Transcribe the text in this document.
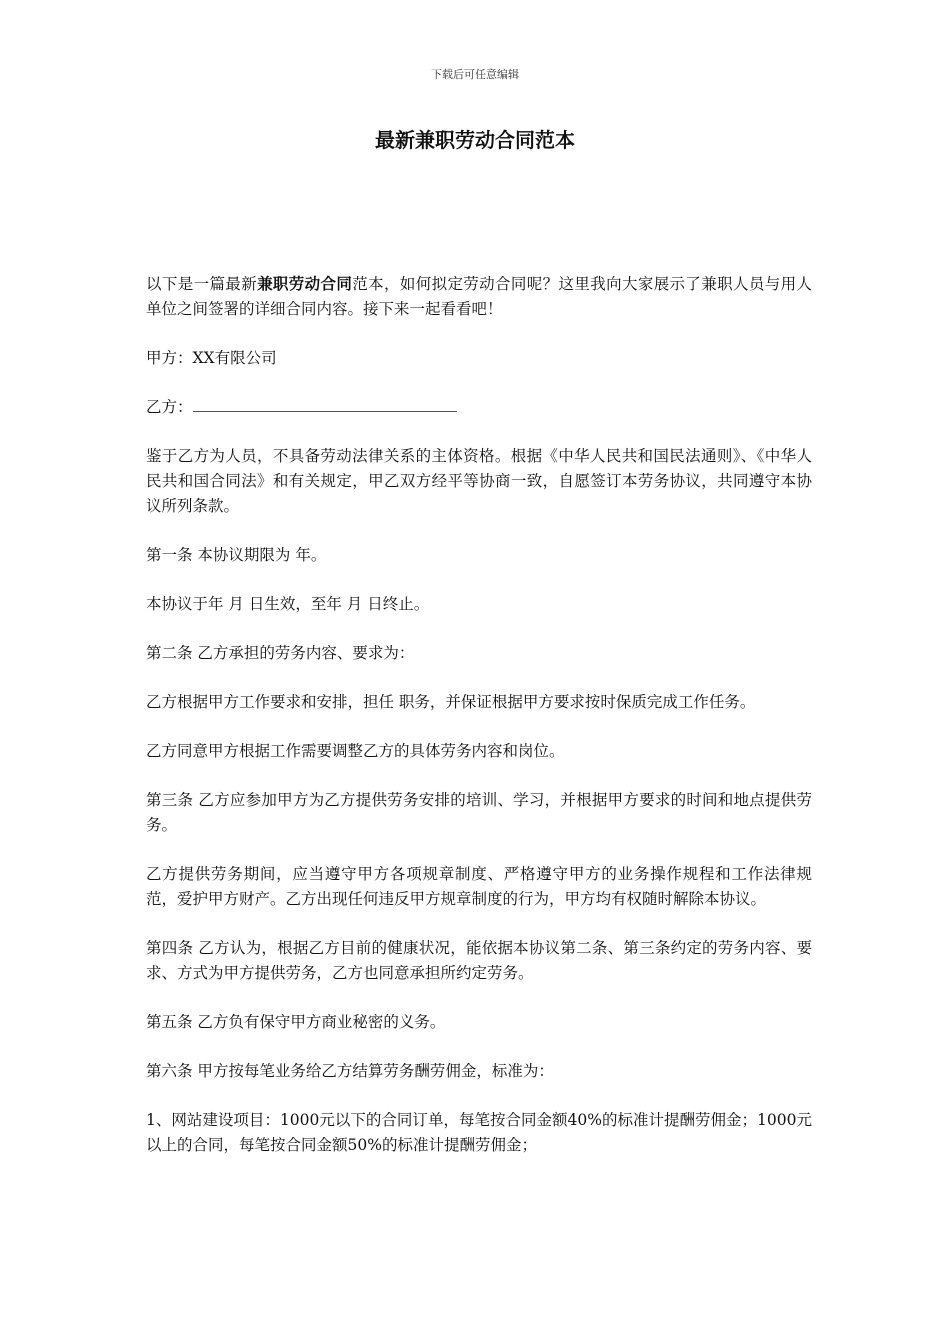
下载后可任意编辑
最新兼职劳动合同范本

以下是一篇最新兼职劳动合同范本，如何拟定劳动合同呢？这里我向大家展示了兼职人员与用人单位之间签署的详细合同内容。接下来一起看看吧！

甲方：XX有限公司

乙方：

鉴于乙方为人员，不具备劳动法律关系的主体资格。根据《中华人民共和国民法通则》、《中华人民共和国合同法》和有关规定，甲乙双方经平等协商一致，自愿签订本劳务协议，共同遵守本协议所列条款。

第一条 本协议期限为 年。

本协议于年 月 日生效，至年 月 日终止。

第二条 乙方承担的劳务内容、要求为：

乙方根据甲方工作要求和安排，担任 职务，并保证根据甲方要求按时保质完成工作任务。

乙方同意甲方根据工作需要调整乙方的具体劳务内容和岗位。

第三条 乙方应参加甲方为乙方提供劳务安排的培训、学习，并根据甲方要求的时间和地点提供劳务。

乙方提供劳务期间，应当遵守甲方各项规章制度、严格遵守甲方的业务操作规程和工作法律规范，爱护甲方财产。乙方出现任何违反甲方规章制度的行为，甲方均有权随时解除本协议。

第四条 乙方认为，根据乙方目前的健康状况，能依据本协议第二条、第三条约定的劳务内容、要求、方式为甲方提供劳务，乙方也同意承担所约定劳务。

第五条 乙方负有保守甲方商业秘密的义务。

第六条 甲方按每笔业务给乙方结算劳务酬劳佣金，标准为：

1、网站建设项目：1000元以下的合同订单，每笔按合同金额40%的标准计提酬劳佣金；1000元以上的合同，每笔按合同金额50%的标准计提酬劳佣金；
